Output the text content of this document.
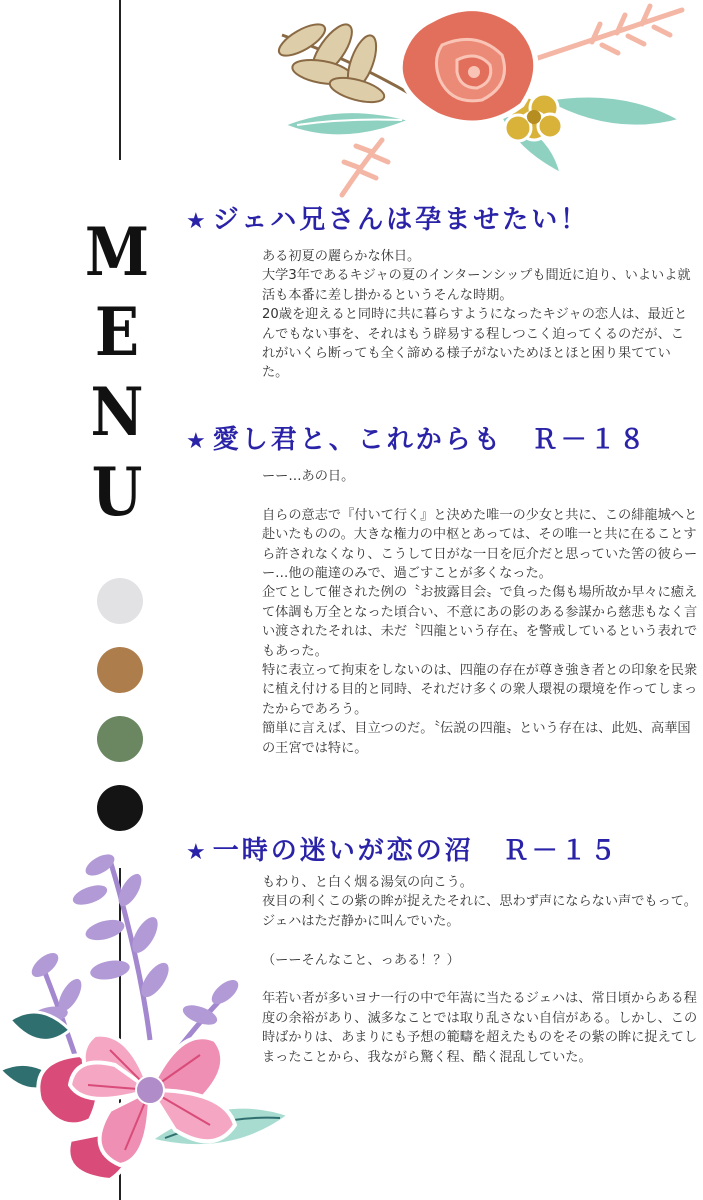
M
E
N
U
★ ジェハ兄さんは孕ませたい！

ある初夏の麗らかな休日。

大学3年であるキジャの夏のインターンシップも間近に迫り、いよいよ就活も本番に差し掛かるというそんな時期。

20歳を迎えると同時に共に暮らすようになったキジャの恋人は、最近とんでもない事を、それはもう辟易する程しつこく迫ってくるのだが、これがいくら断っても全く諦める様子がないためほとほと困り果てていた。

★ 愛し君と、これからも　Ｒ－１８

ーー…あの日。

自らの意志で『付いて行く』と決めた唯一の少女と共に、この緋龍城へと赴いたものの。大きな権力の中枢とあっては、その唯一と共に在ることすら許されなくなり、こうして日がな一日を厄介だと思っていた筈の彼らーー…他の龍達のみで、過ごすことが多くなった。

企てとして催された例の〝お披露目会〟で負った傷も場所故か早々に癒えて体調も万全となった頃合い、不意にあの影のある参謀から慈悲もなく言い渡されたそれは、未だ〝四龍という存在〟を警戒しているという表れでもあった。

特に表立って拘束をしないのは、四龍の存在が尊き強き者との印象を民衆に植え付ける目的と同時、それだけ多くの衆人環視の環境を作ってしまったからであろう。

簡単に言えば、目立つのだ。〝伝説の四龍〟という存在は、此処、高華国の王宮では特に。

★ 一時の迷いが恋の沼　Ｒ－１５

もわり、と白く烟る湯気の向こう。

夜目の利くこの紫の眸が捉えたそれに、思わず声にならない声でもって。ジェハはただ静かに叫んでいた。

（ーーそんなこと、っある！？）

年若い者が多いヨナ一行の中で年嵩に当たるジェハは、常日頃からある程度の余裕があり、滅多なことでは取り乱さない自信がある。しかし、この時ばかりは、あまりにも予想の範疇を超えたものをその紫の眸に捉えてしまったことから、我ながら驚く程、酷く混乱していた。
